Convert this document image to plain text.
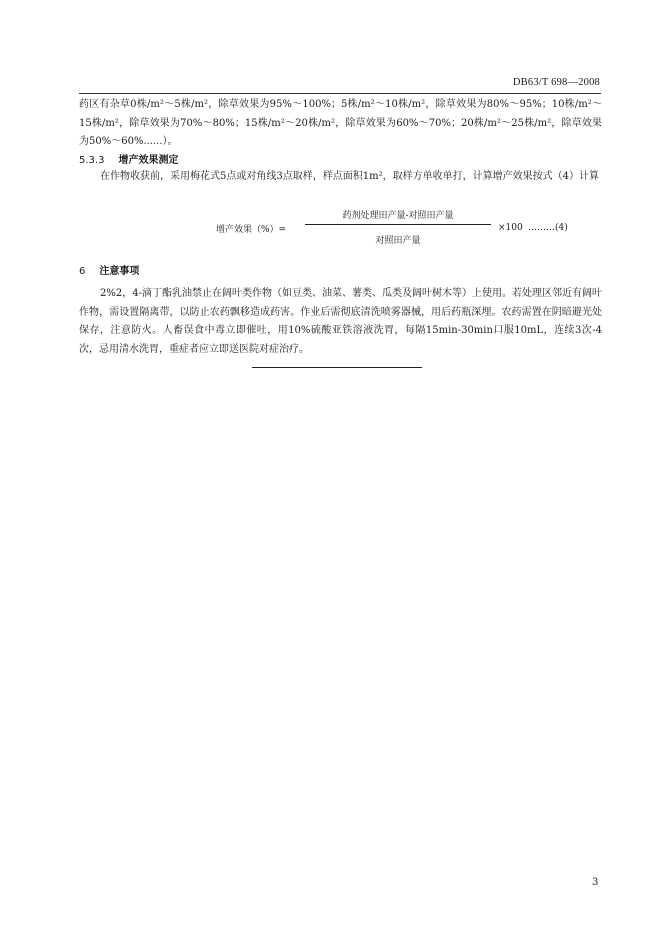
DB63/T 698—2008
药区有杂草0株/m²～5株/m²，除草效果为95%～100%；5株/m²～10株/m²，除草效果为80%～95%；10株/m²～15株/m²，除草效果为70%～80%；15株/m²～20株/m²，除草效果为60%～70%；20株/m²～25株/m²，除草效果为50%～60%......）。
5.3.3 增产效果测定
在作物收获前，采用梅花式5点或对角线3点取样，样点面积1m²，取样方单收单打，计算增产效果按式（4）计算
增产效果（%）=
药剂处理田产量-对照田产量
对照田产量
×100 ………(4)
6 注意事项
2%2，4-滴丁酯乳油禁止在阔叶类作物（如豆类、油菜、薯类、瓜类及阔叶树木等）上使用。若处理区邻近有阔叶作物，需设置隔离带，以防止农药飘移造成药害。作业后需彻底清洗喷雾器械，用后药瓶深埋。农药需置在阴暗避光处保存，注意防火。人畜误食中毒立即催吐，用10%硫酸亚铁溶液洗胃，每隔15min-30min口服10mL，连续3次-4次，忌用清水洗胃，重症者应立即送医院对症治疗。
3
